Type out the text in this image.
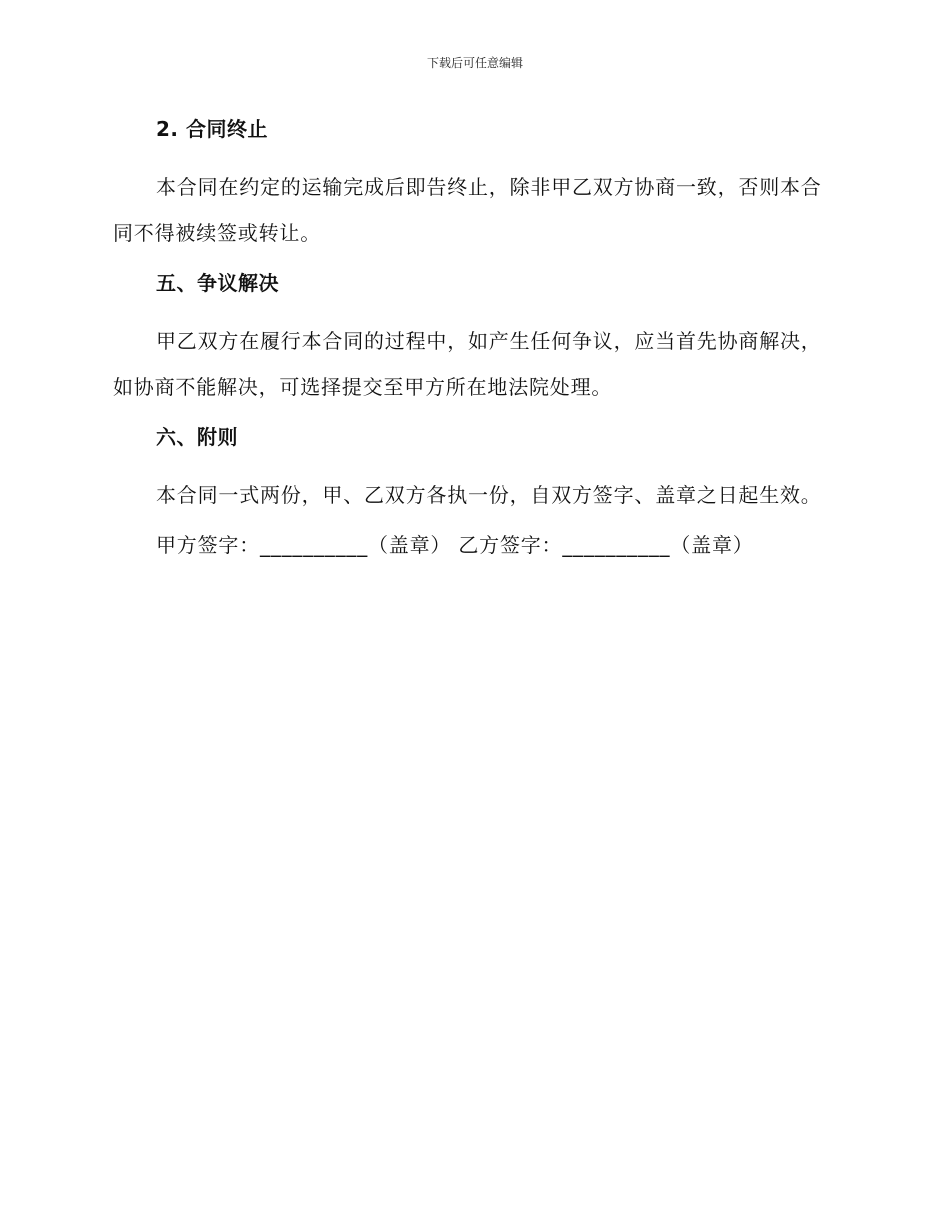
下载后可任意编辑
2. 合同终止

本合同在约定的运输完成后即告终止，除非甲乙双方协商一致，否则本合同不得被续签或转让。

五、争议解决

甲乙双方在履行本合同的过程中，如产生任何争议，应当首先协商解决，如协商不能解决，可选择提交至甲方所在地法院处理。

六、附则

本合同一式两份，甲、乙双方各执一份，自双方签字、盖章之日起生效。

甲方签字：__________（盖章） 乙方签字：__________（盖章）
